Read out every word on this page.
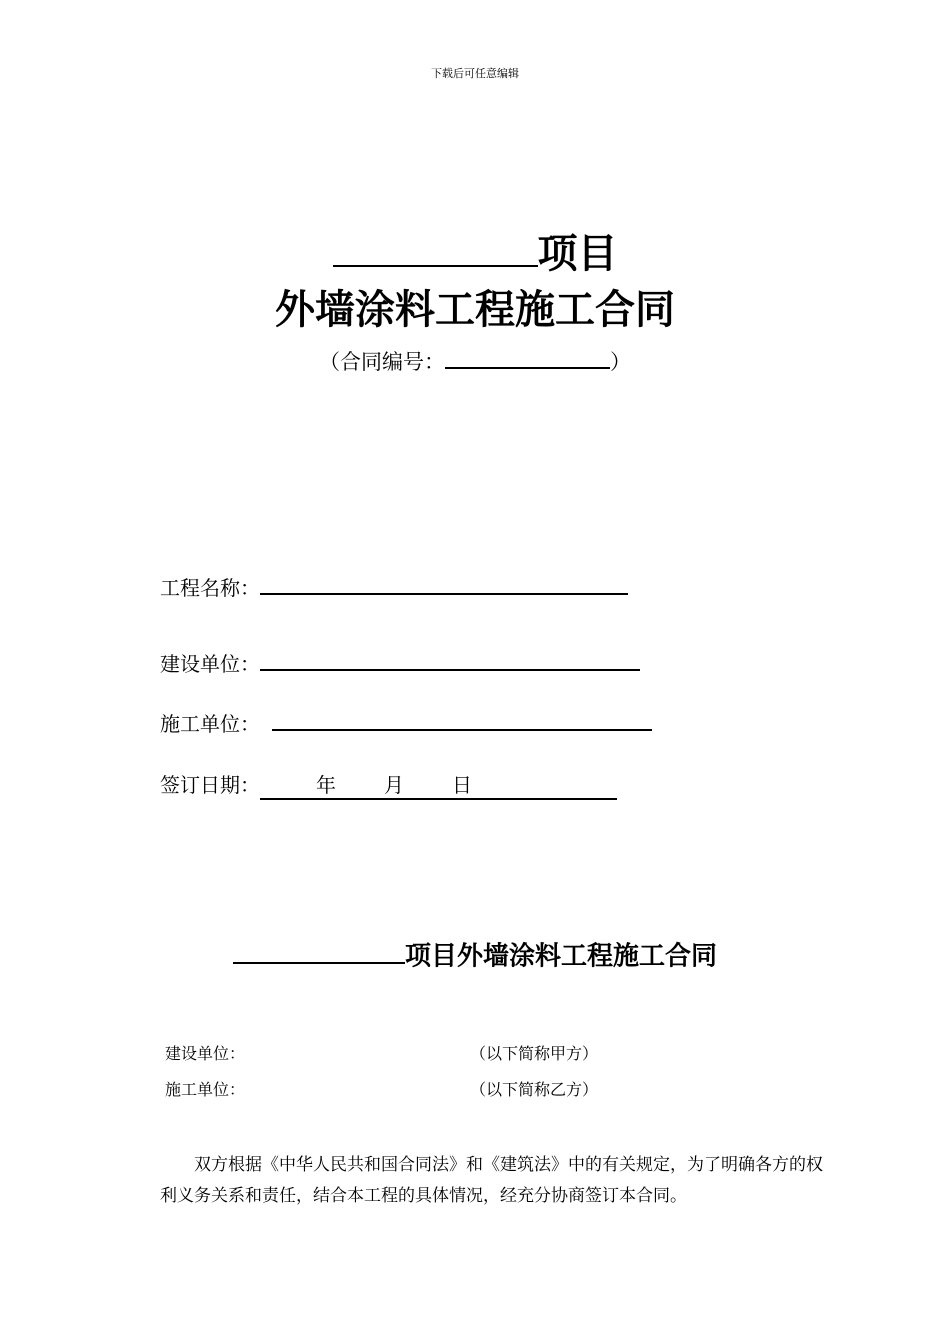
下载后可任意编辑
项目
外墙涂料工程施工合同
（合同编号：	）
工程名称：
建设单位：
施工单位：
签订日期：	年 月 日
项目外墙涂料工程施工合同
建设单位：	（以下简称甲方）
施工单位：	（以下简称乙方）
双方根据《中华人民共和国合同法》和《建筑法》中的有关规定，为了明确各方的权利义务关系和责任，结合本工程的具体情况，经充分协商签订本合同。
